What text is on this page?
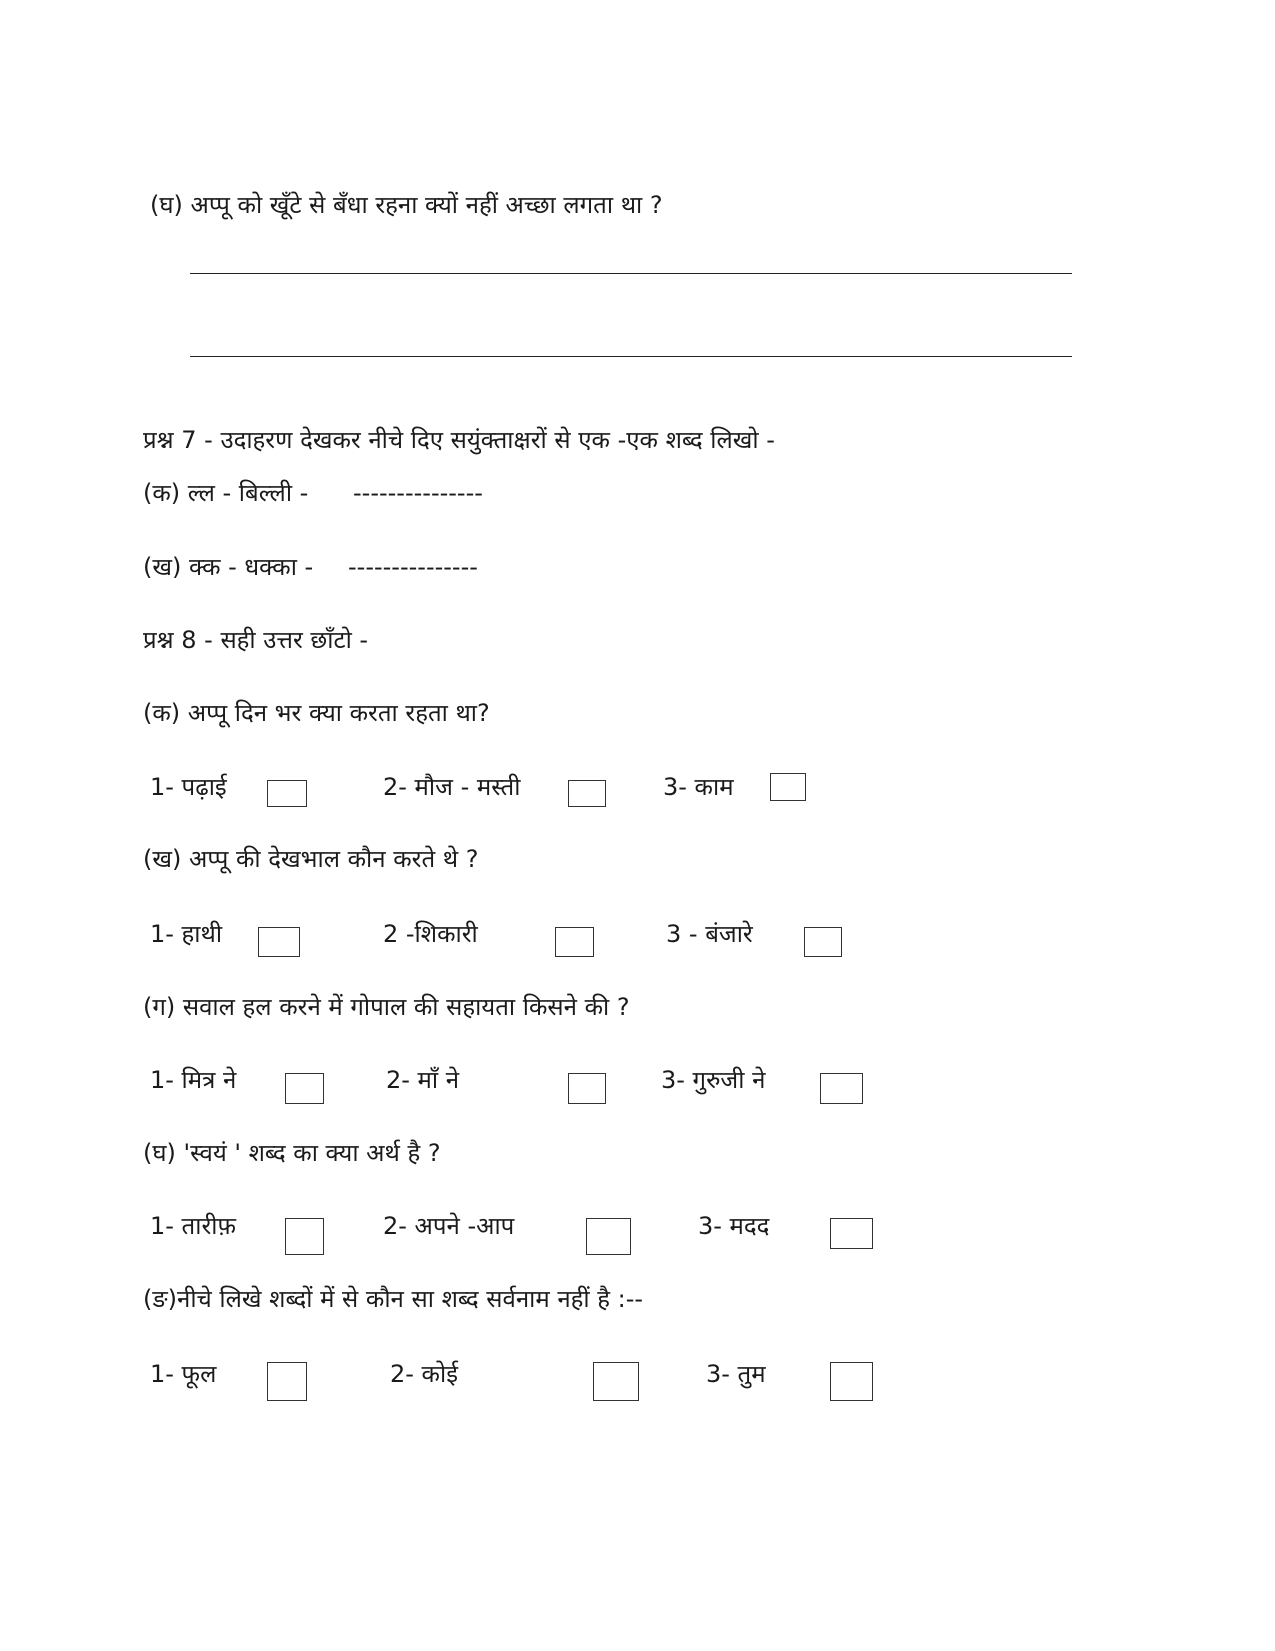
(घ) अप्पू को खूँटे से बँधा रहना क्यों नहीं अच्छा लगता था ?
प्रश्न 7 - उदाहरण देखकर नीचे दिए सयुंक्ताक्षरों से एक -एक शब्द लिखो -
(क) ल्ल - बिल्ली - ---------------
(ख) क्क - धक्का - ---------------
प्रश्न 8 - सही उत्तर छाँटो -
(क) अप्पू दिन भर क्या करता रहता था?
1- पढ़ाई	2- मौज - मस्ती	3- काम
(ख) अप्पू की देखभाल कौन करते थे ?
1- हाथी	2 -शिकारी	3 - बंजारे
(ग) सवाल हल करने में गोपाल की सहायता किसने की ?
1- मित्र ने	2- माँ ने	3- गुरुजी ने
(घ) 'स्वयं ' शब्द का क्या अर्थ है ?
1- तारीफ़	2- अपने -आप	3- मदद
(ङ)नीचे लिखे शब्दों में से कौन सा शब्द सर्वनाम नहीं है :--
1- फूल	2- कोई	3- तुम
